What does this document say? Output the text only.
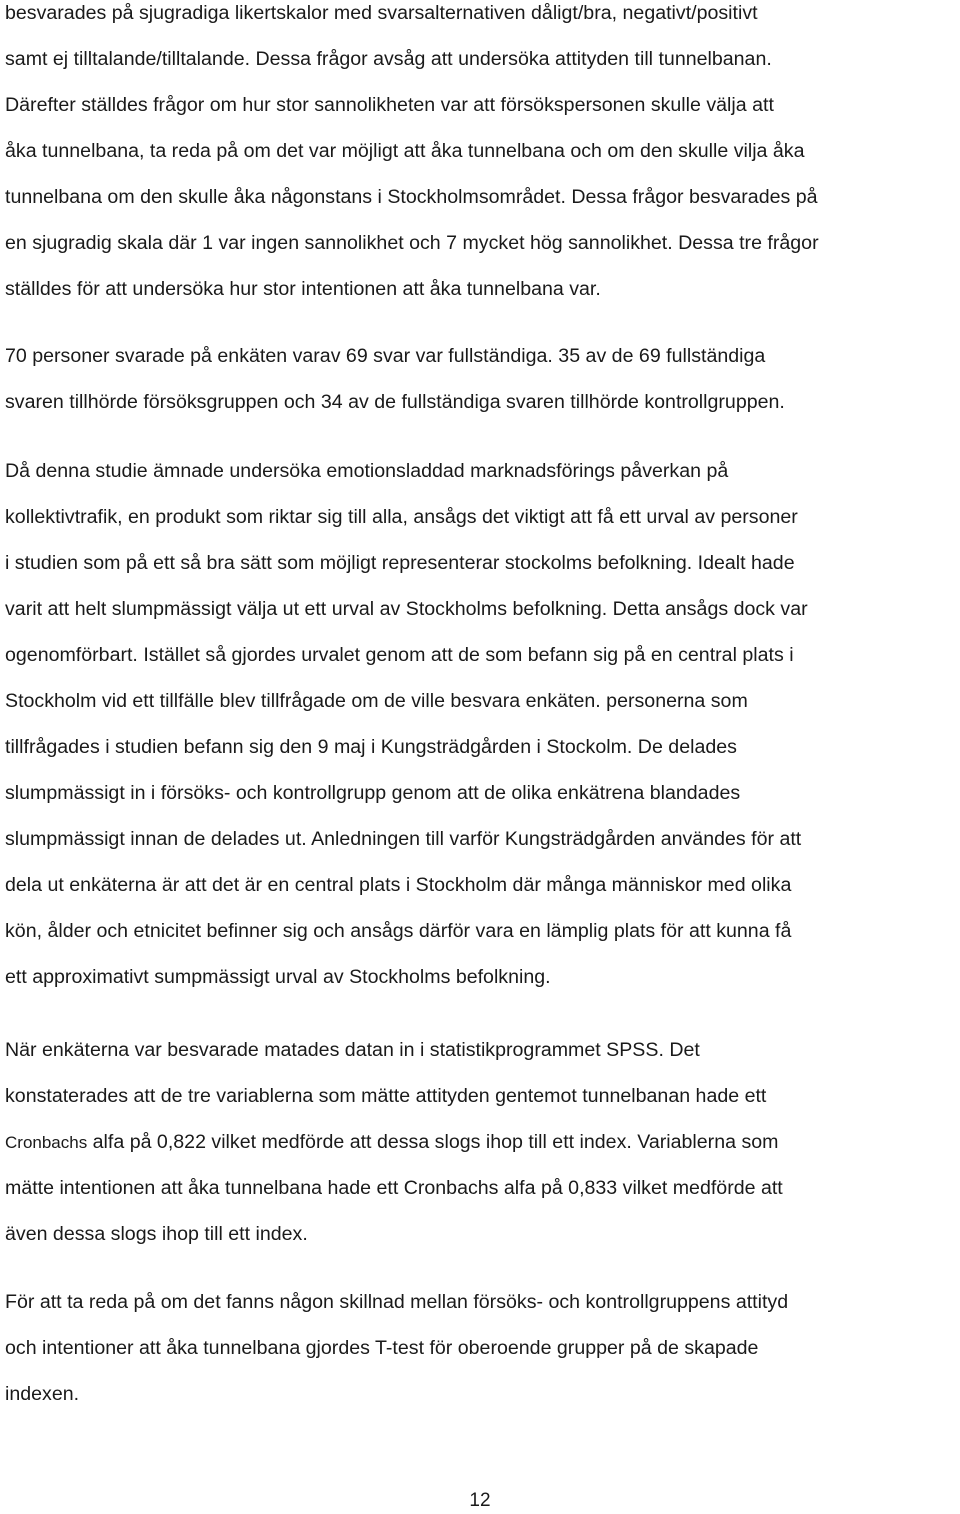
besvarades på sjugradiga likertskalor med svarsalternativen dåligt/bra, negativt/positivt
samt ej tilltalande/tilltalande. Dessa frågor avsåg att undersöka attityden till tunnelbanan.
Därefter ställdes frågor om hur stor sannolikheten var att försökspersonen skulle välja att
åka tunnelbana, ta reda på om det var möjligt att åka tunnelbana och om den skulle vilja åka
tunnelbana om den skulle åka någonstans i Stockholmsområdet. Dessa frågor besvarades på
en sjugradig skala där 1 var ingen sannolikhet och 7 mycket hög sannolikhet. Dessa tre frågor
ställdes för att undersöka hur stor intentionen att åka tunnelbana var.

70 personer svarade på enkäten varav 69 svar var fullständiga. 35 av de 69 fullständiga
svaren tillhörde försöksgruppen och 34 av de fullständiga svaren tillhörde kontrollgruppen.

Då denna studie ämnade undersöka emotionsladdad marknadsförings påverkan på
kollektivtrafik, en produkt som riktar sig till alla, ansågs det viktigt att få ett urval av personer
i studien som på ett så bra sätt som möjligt representerar stockolms befolkning. Idealt hade
varit att helt slumpmässigt välja ut ett urval av Stockholms befolkning. Detta ansågs dock var
ogenomförbart. Istället så gjordes urvalet genom att de som befann sig på en central plats i
Stockholm vid ett tillfälle blev tillfrågade om de ville besvara enkäten. personerna som
tillfrågades i studien befann sig den 9 maj i Kungsträdgården i Stockolm. De delades
slumpmässigt in i försöks- och kontrollgrupp genom att de olika enkätrena blandades
slumpmässigt innan de delades ut. Anledningen till varför Kungsträdgården användes för att
dela ut enkäterna är att det är en central plats i Stockholm där många människor med olika
kön, ålder och etnicitet befinner sig och ansågs därför vara en lämplig plats för att kunna få
ett approximativt sumpmässigt urval av Stockholms befolkning.

När enkäterna var besvarade matades datan in i statistikprogrammet SPSS. Det
konstaterades att de tre variablerna som mätte attityden gentemot tunnelbanan hade ett
Cronbachs alfa på 0,822 vilket medförde att dessa slogs ihop till ett index. Variablerna som
mätte intentionen att åka tunnelbana hade ett Cronbachs alfa på 0,833 vilket medförde att
även dessa slogs ihop till ett index.

För att ta reda på om det fanns någon skillnad mellan försöks- och kontrollgruppens attityd
och intentioner att åka tunnelbana gjordes T-test för oberoende grupper på de skapade
indexen.

12
